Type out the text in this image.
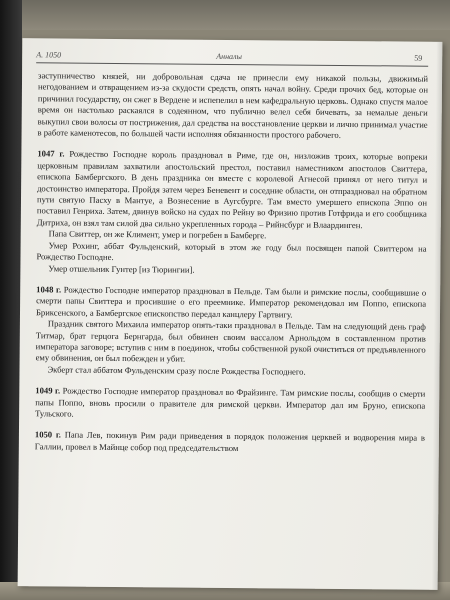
А. 1050	Анналы	59

заступничество князей, ни добровольная сдача не принесли ему никакой пользы, движимый негодованием и отвращением из-за скудости средств, опять начал войну. Среди прочих бед, которые он причинил государству, он сжег в Вердене и испепелил в нем кафедральную церковь. Однако спустя малое время он настолько раскаялся в содеянном, что публично велел себя бичевать, за немалые деньги выкупил свои волосы от пострижения, дал средства на восстановление церкви и лично принимал участие в работе каменотесов, по большей части исполняя обязанности простого рабочего.

1047 г. Рождество Господне король праздновал в Риме, где он, низложив троих, которые вопреки церковным правилам захватили апостольский престол, поставил наместником апостолов Свиттера, епископа Бамбергского. В день праздника он вместе с королевой Агнесой принял от него титул и достоинство императора. Пройдя затем через Беневент и соседние области, он отпраздновал на обратном пути святую Пасху в Мантуе, а Вознесение в Аугсбурге. Там вместо умершего епископа Эппо он поставил Генриха. Затем, двинув войско на судах по Рейну во Фризию против Готфрида и его сообщника Дитриха, он взял там силой два сильно укрепленных города – Рийнсбург и Влаардинген.

Папа Свиттер, он же Климент, умер и погребен в Бамберге.

Умер Рохинг, аббат Фульденский, который в этом же году был посвящен папой Свиттером на Рождество Господне.

Умер отшельник Гунтер [из Тюрингии].

1048 г. Рождество Господне император праздновал в Пельде. Там были и римские послы, сообщившие о смерти папы Свиттера и просившие о его преемнике. Император рекомендовал им Поппо, епископа Бриксенского, а Бамбергское епископство передал канцлеру Гартвигу.

Праздник святого Михаила император опять-таки праздновал в Пельде. Там на следующий день граф Титмар, брат герцога Бернгарда, был обвинен своим вассалом Арнольдом в составленном против императора заговоре; вступив с ним в поединок, чтобы собственной рукой очиститься от предъявленного ему обвинения, он был побежден и убит.

Экберт стал аббатом Фульденским сразу после Рождества Господнего.

1049 г. Рождество Господне император праздновал во Фрайзинге. Там римские послы, сообщив о смерти папы Поппо, вновь просили о правителе для римской церкви. Император дал им Бруно, епископа Тульского.

1050 г. Папа Лев, покинув Рим ради приведения в порядок положения церквей и водворения мира в Галлии, провел в Майнце собор под председательством
